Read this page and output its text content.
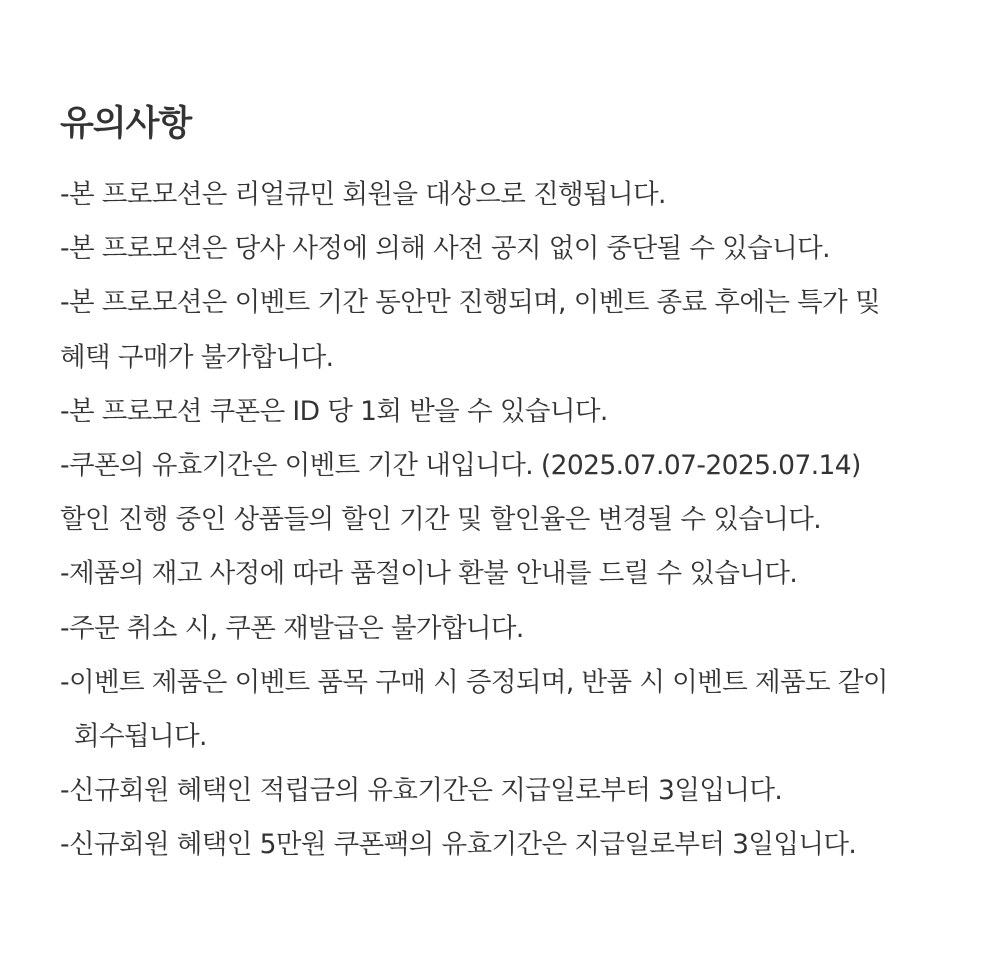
유의사항
-본 프로모션은 리얼큐민 회원을 대상으로 진행됩니다.
-본 프로모션은 당사 사정에 의해 사전 공지 없이 중단될 수 있습니다.
-본 프로모션은 이벤트 기간 동안만 진행되며, 이벤트 종료 후에는 특가 및
혜택 구매가 불가합니다.
-본 프로모션 쿠폰은 ID 당 1회 받을 수 있습니다.
-쿠폰의 유효기간은 이벤트 기간 내입니다. (2025.07.07-2025.07.14)
할인 진행 중인 상품들의 할인 기간 및 할인율은 변경될 수 있습니다.
-제품의 재고 사정에 따라 품절이나 환불 안내를 드릴 수 있습니다.
-주문 취소 시, 쿠폰 재발급은 불가합니다.
-이벤트 제품은 이벤트 품목 구매 시 증정되며, 반품 시 이벤트 제품도 같이
회수됩니다.
-신규회원 혜택인 적립금의 유효기간은 지급일로부터 3일입니다.
-신규회원 혜택인 5만원 쿠폰팩의 유효기간은 지급일로부터 3일입니다.
